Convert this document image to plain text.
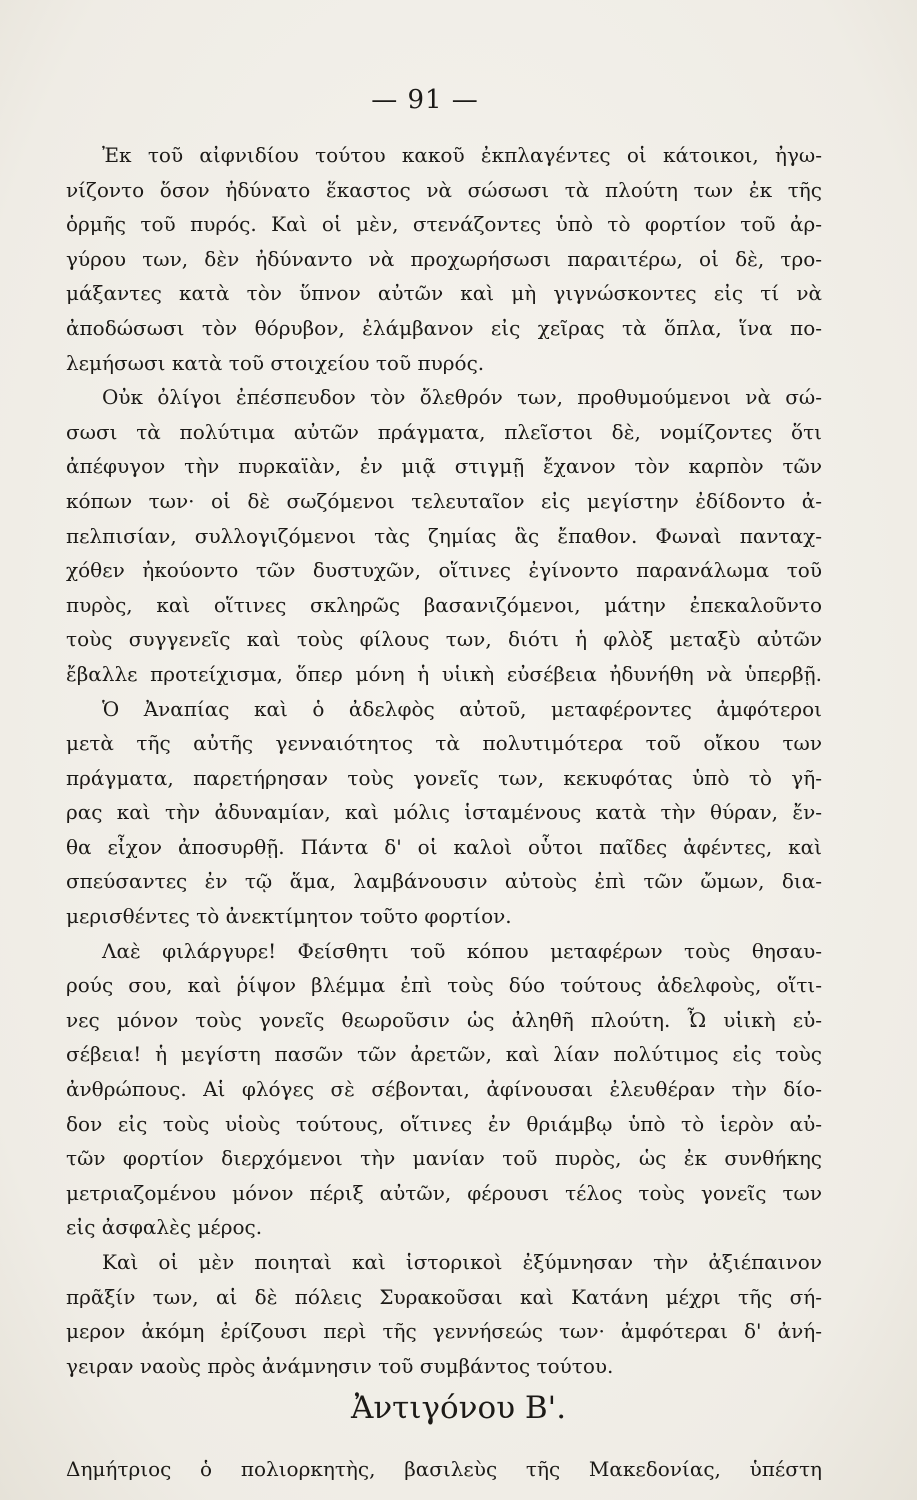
— 91 —
Ἐκ τοῦ αἰφνιδίου τούτου κακοῦ ἐκπλαγέντες οἱ κάτοικοι, ἠγω-
νίζοντο ὅσον ἠδύνατο ἕκαστος νὰ σώσωσι τὰ πλούτη των ἐκ τῆς
ὁρμῆς τοῦ πυρός. Καὶ οἱ μὲν, στενάζοντες ὑπὸ τὸ φορτίον τοῦ ἀρ-
γύρου των, δὲν ἠδύναντο νὰ προχωρήσωσι παραιτέρω, οἱ δὲ, τρο-
μάξαντες κατὰ τὸν ὕπνον αὐτῶν καὶ μὴ γιγνώσκοντες εἰς τί νὰ
ἀποδώσωσι τὸν θόρυβον, ἐλάμβανον εἰς χεῖρας τὰ ὅπλα, ἵνα πο-
λεμήσωσι κατὰ τοῦ στοιχείου τοῦ πυρός.
Οὐκ ὀλίγοι ἐπέσπευδον τὸν ὄλεθρόν των, προθυμούμενοι νὰ σώ-
σωσι τὰ πολύτιμα αὐτῶν πράγματα, πλεῖστοι δὲ, νομίζοντες ὅτι
ἀπέφυγον τὴν πυρκαϊὰν, ἐν μιᾷ στιγμῇ ἔχανον τὸν καρπὸν τῶν
κόπων των· οἱ δὲ σωζόμενοι τελευταῖον εἰς μεγίστην ἐδίδοντο ἀ-
πελπισίαν, συλλογιζόμενοι τὰς ζημίας ἃς ἔπαθον. Φωναὶ πανταχ-
χόθεν ἠκούοντο τῶν δυστυχῶν, οἵτινες ἐγίνοντο παρανάλωμα τοῦ
πυρὸς, καὶ οἵτινες σκληρῶς βασανιζόμενοι, μάτην ἐπεκαλοῦντο
τοὺς συγγενεῖς καὶ τοὺς φίλους των, διότι ἡ φλὸξ μεταξὺ αὐτῶν
ἔβαλλε προτείχισμα, ὅπερ μόνη ἡ υἱικὴ εὐσέβεια ἠδυνήθη νὰ ὑπερβῇ.
Ὁ Ἀναπίας καὶ ὁ ἀδελφὸς αὐτοῦ, μεταφέροντες ἀμφότεροι
μετὰ τῆς αὐτῆς γενναιότητος τὰ πολυτιμότερα τοῦ οἴκου των
πράγματα, παρετήρησαν τοὺς γονεῖς των, κεκυφότας ὑπὸ τὸ γῆ-
ρας καὶ τὴν ἀδυναμίαν, καὶ μόλις ἱσταμένους κατὰ τὴν θύραν, ἔν-
θα εἶχον ἀποσυρθῇ. Πάντα δ' οἱ καλοὶ οὗτοι παῖδες ἀφέντες, καὶ
σπεύσαντες ἐν τῷ ἅμα, λαμβάνουσιν αὐτοὺς ἐπὶ τῶν ὤμων, δια-
μερισθέντες τὸ ἀνεκτίμητον τοῦτο φορτίον.
Λαὲ φιλάργυρε! Φείσθητι τοῦ κόπου μεταφέρων τοὺς θησαυ-
ρούς σου, καὶ ῥίψον βλέμμα ἐπὶ τοὺς δύο τούτους ἀδελφοὺς, οἵτι-
νες μόνον τοὺς γονεῖς θεωροῦσιν ὡς ἀληθῆ πλούτη. Ὦ υἱικὴ εὐ-
σέβεια! ἡ μεγίστη πασῶν τῶν ἀρετῶν, καὶ λίαν πολύτιμος εἰς τοὺς
ἀνθρώπους. Αἱ φλόγες σὲ σέβονται, ἀφίνουσαι ἐλευθέραν τὴν δίο-
δον εἰς τοὺς υἱοὺς τούτους, οἵτινες ἐν θριάμβῳ ὑπὸ τὸ ἱερὸν αὐ-
τῶν φορτίον διερχόμενοι τὴν μανίαν τοῦ πυρὸς, ὡς ἐκ συνθήκης
μετριαζομένου μόνον πέριξ αὐτῶν, φέρουσι τέλος τοὺς γονεῖς των
εἰς ἀσφαλὲς μέρος.
Καὶ οἱ μὲν ποιηταὶ καὶ ἱστορικοὶ ἐξύμνησαν τὴν ἀξιέπαινον
πρᾶξίν των, αἱ δὲ πόλεις Συρακοῦσαι καὶ Κατάνη μέχρι τῆς σή-
μερον ἀκόμη ἐρίζουσι περὶ τῆς γεννήσεώς των· ἀμφότεραι δ' ἀνή-
γειραν ναοὺς πρὸς ἀνάμνησιν τοῦ συμβάντος τούτου.
Ἀντιγόνου Β'.
Δημήτριος ὁ πολιορκητὴς, βασιλεὺς τῆς Μακεδονίας, ὑπέστη
